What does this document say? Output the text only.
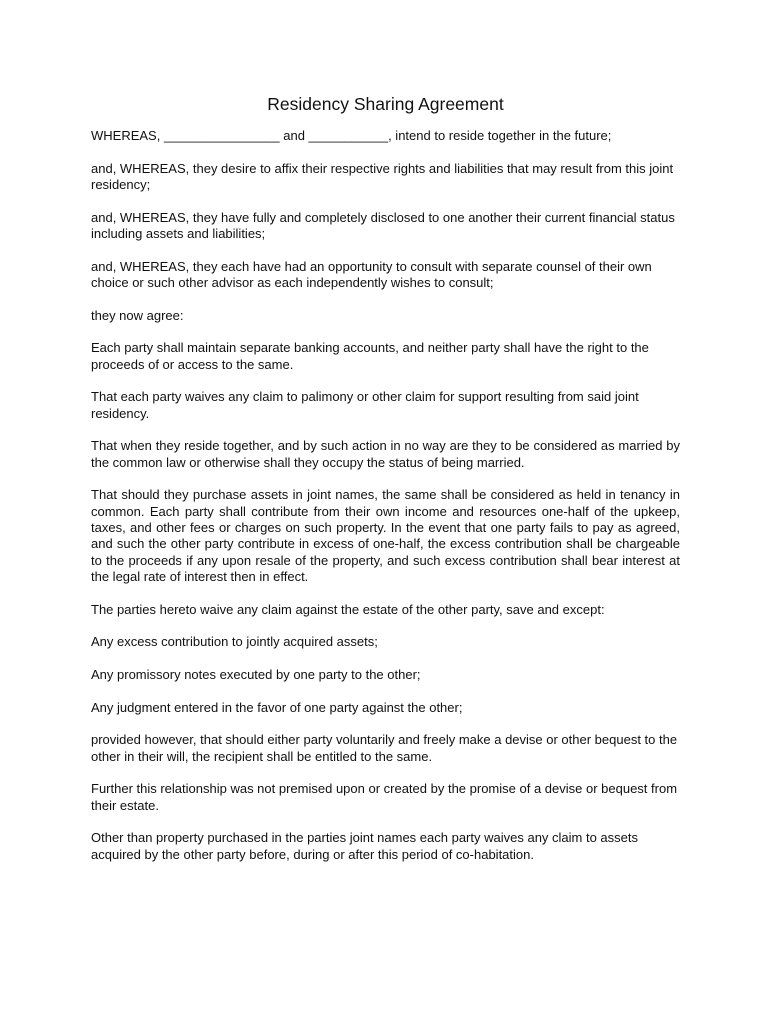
Residency Sharing Agreement

WHEREAS, ________________ and ___________, intend to reside together in the future;

and, WHEREAS, they desire to affix their respective rights and liabilities that may result from this joint residency;

and, WHEREAS, they have fully and completely disclosed to one another their current financial status including assets and liabilities;

and, WHEREAS, they each have had an opportunity to consult with separate counsel of their own choice or such other advisor as each independently wishes to consult;

they now agree:

Each party shall maintain separate banking accounts, and neither party shall have the right to the proceeds of or access to the same.

That each party waives any claim to palimony or other claim for support resulting from said joint residency.

That when they reside together, and by such action in no way are they to be considered as married by the common law or otherwise shall they occupy the status of being married.

That should they purchase assets in joint names, the same shall be considered as held in tenancy in common. Each party shall contribute from their own income and resources one-half of the upkeep, taxes, and other fees or charges on such property. In the event that one party fails to pay as agreed, and such the other party contribute in excess of one-half, the excess contribution shall be chargeable to the proceeds if any upon resale of the property, and such excess contribution shall bear interest at the legal rate of interest then in effect.

The parties hereto waive any claim against the estate of the other party, save and except:

Any excess contribution to jointly acquired assets;

Any promissory notes executed by one party to the other;

Any judgment entered in the favor of one party against the other;

provided however, that should either party voluntarily and freely make a devise or other bequest to the other in their will, the recipient shall be entitled to the same.

Further this relationship was not premised upon or created by the promise of a devise or bequest from their estate.

Other than property purchased in the parties joint names each party waives any claim to assets acquired by the other party before, during or after this period of co-habitation.
